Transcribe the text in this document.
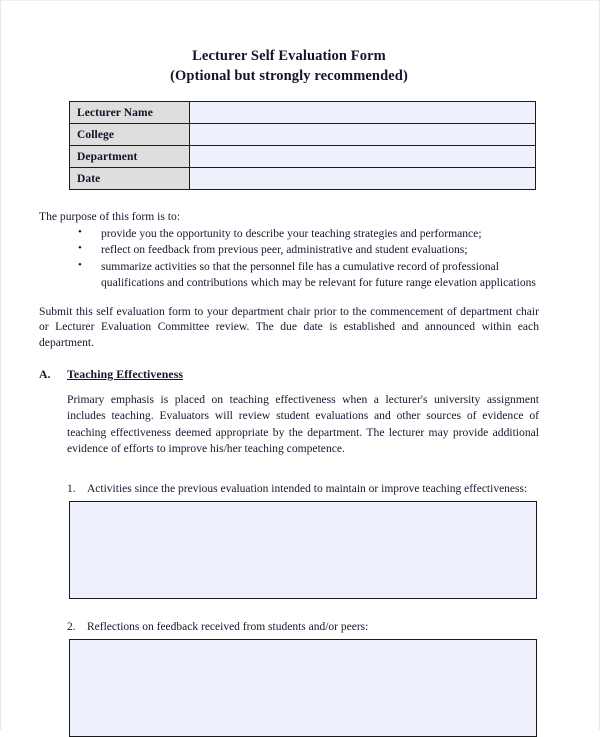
Lecturer Self Evaluation Form
(Optional but strongly recommended)
Lecturer Name	
College	
Department	
Date	
The purpose of this form is to:
• provide you the opportunity to describe your teaching strategies and performance;
• reflect on feedback from previous peer, administrative and student evaluations;
• summarize activities so that the personnel file has a cumulative record of professional qualifications and contributions which may be relevant for future range elevation applications
Submit this self evaluation form to your department chair prior to the commencement of department chair or Lecturer Evaluation Committee review. The due date is established and announced within each department.
A.	Teaching Effectiveness
Primary emphasis is placed on teaching effectiveness when a lecturer's university assignment includes teaching. Evaluators will review student evaluations and other sources of evidence of teaching effectiveness deemed appropriate by the department. The lecturer may provide additional evidence of efforts to improve his/her teaching competence.
1. Activities since the previous evaluation intended to maintain or improve teaching effectiveness:
2. Reflections on feedback received from students and/or peers:
